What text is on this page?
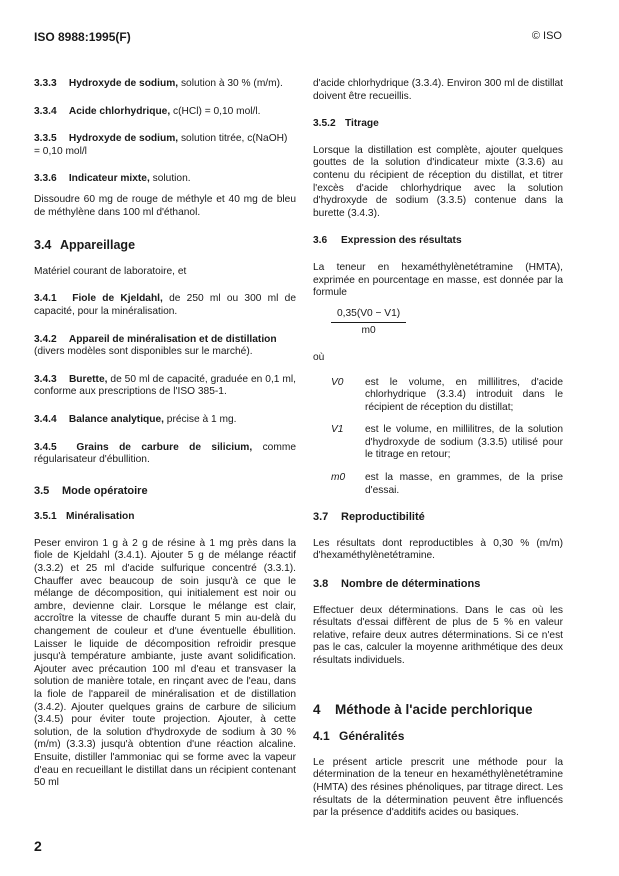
ISO 8988:1995(F)	© ISO

3.3.3 Hydroxyde de sodium, solution à 30 % (m/m).

3.3.4 Acide chlorhydrique, c(HCl) = 0,10 mol/l.

3.3.5 Hydroxyde de sodium, solution titrée, c(NaOH) = 0,10 mol/l

3.3.6 Indicateur mixte, solution.

Dissoudre 60 mg de rouge de méthyle et 40 mg de bleu de méthylène dans 100 ml d'éthanol.

3.4 Appareillage

Matériel courant de laboratoire, et

3.4.1 Fiole de Kjeldahl, de 250 ml ou 300 ml de capacité, pour la minéralisation.

3.4.2 Appareil de minéralisation et de distillation (divers modèles sont disponibles sur le marché).

3.4.3 Burette, de 50 ml de capacité, graduée en 0,1 ml, conforme aux prescriptions de l'ISO 385-1.

3.4.4 Balance analytique, précise à 1 mg.

3.4.5 Grains de carbure de silicium, comme régularisateur d'ébullition.

3.5 Mode opératoire
3.5.1 Minéralisation

Peser environ 1 g à 2 g de résine à 1 mg près dans la fiole de Kjeldahl (3.4.1). Ajouter 5 g de mélange réactif (3.3.2) et 25 ml d'acide sulfurique concentré (3.3.1). Chauffer avec beaucoup de soin jusqu'à ce que le mélange de décomposition, qui initialement est noir ou ambre, devienne clair. Lorsque le mélange est clair, accroître la vitesse de chauffe durant 5 min au-delà du changement de couleur et d'une éventuelle ébullition. Laisser le liquide de décomposition refroidir presque jusqu'à température ambiante, juste avant solidification. Ajouter avec précaution 100 ml d'eau et transvaser la solution de manière totale, en rinçant avec de l'eau, dans la fiole de l'appareil de minéralisation et de distillation (3.4.2). Ajouter quelques grains de carbure de silicium (3.4.5) pour éviter toute projection. Ajouter, à cette solution, de la solution d'hydroxyde de sodium à 30 % (m/m) (3.3.3) jusqu'à obtention d'une réaction alcaline. Ensuite, distiller l'ammoniac qui se forme avec la vapeur d'eau en recueillant le distillat dans un récipient contenant 50 ml

d'acide chlorhydrique (3.3.4). Environ 300 ml de distillat doivent être recueillis.

3.5.2 Titrage

Lorsque la distillation est complète, ajouter quelques gouttes de la solution d'indicateur mixte (3.3.6) au contenu du récipient de réception du distillat, et titrer l'excès d'acide chlorhydrique avec la solution d'hydroxyde de sodium (3.3.5) contenue dans la burette (3.4.3).

3.6 Expression des résultats

La teneur en hexaméthylènetétramine (HMTA), exprimée en pourcentage en masse, est donnée par la formule

$\frac{0,35(V0 - V1)}{m0}$

où

V0	est le volume, en millilitres, d'acide chlorhydrique (3.3.4) introduit dans le récipient de réception du distillat;
V1	est le volume, en millilitres, de la solution d'hydroxyde de sodium (3.3.5) utilisé pour le titrage en retour;
m0	est la masse, en grammes, de la prise d'essai.
3.7 Reproductibilité

Les résultats dont reproductibles à 0,30 % (m/m) d'hexaméthylènetétramine.

3.8 Nombre de déterminations

Effectuer deux déterminations. Dans le cas où les résultats d'essai diffèrent de plus de 5 % en valeur relative, refaire deux autres déterminations. Si ce n'est pas le cas, calculer la moyenne arithmétique des deux résultats individuels.

4 Méthode à l'acide perchlorique
4.1 Généralités

Le présent article prescrit une méthode pour la détermination de la teneur en hexaméthylènetétramine (HMTA) des résines phénoliques, par titrage direct. Les résultats de la détermination peuvent être influencés par la présence d'additifs acides ou basiques.

2
